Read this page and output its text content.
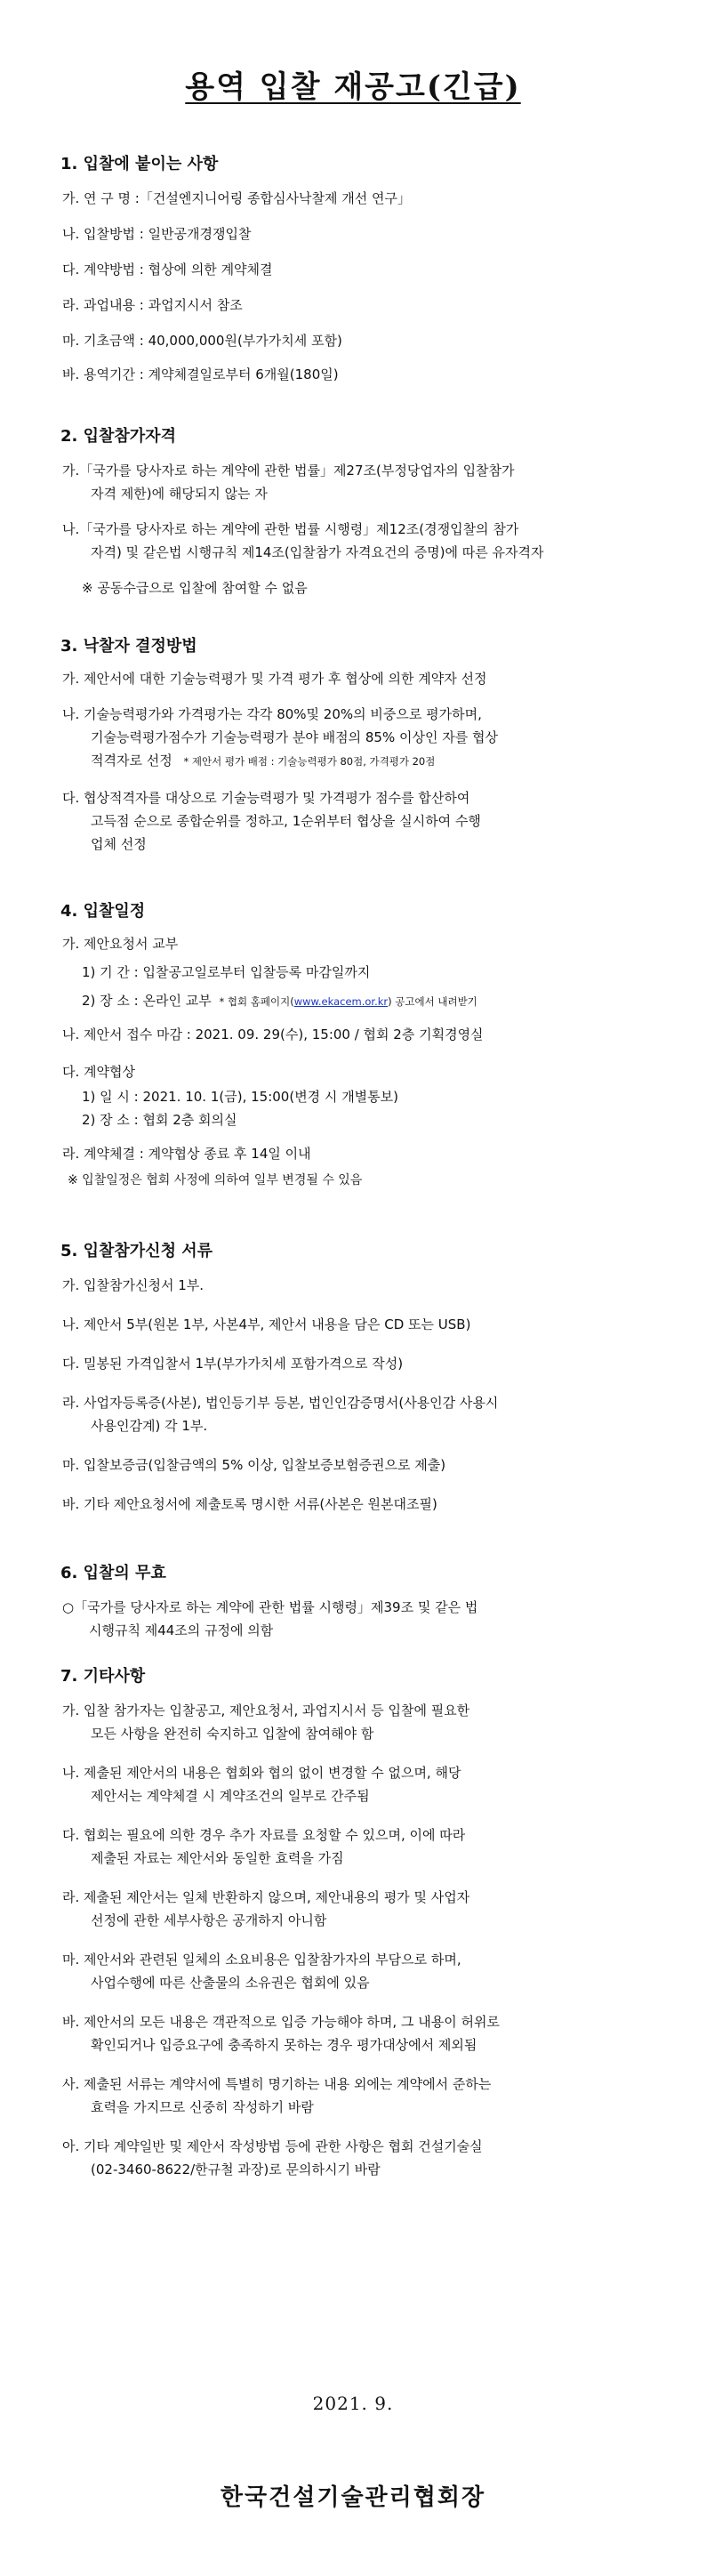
용역 입찰 재공고(긴급)
1. 입찰에 붙이는 사항
가. 연 구 명 :「건설엔지니어링 종합심사낙찰제 개선 연구」
나. 입찰방법 : 일반공개경쟁입찰
다. 계약방법 : 협상에 의한 계약체결
라. 과업내용 : 과업지시서 참조
마. 기초금액 : 40,000,000원(부가가치세 포함)
바. 용역기간 : 계약체결일로부터 6개월(180일)
2. 입찰참가자격
가.「국가를 당사자로 하는 계약에 관한 법률」제27조(부정당업자의 입찰참가
자격 제한)에 해당되지 않는 자
나.「국가를 당사자로 하는 계약에 관한 법률 시행령」제12조(경쟁입찰의 참가
자격) 및 같은법 시행규칙 제14조(입찰참가 자격요건의 증명)에 따른 유자격자
※ 공동수급으로 입찰에 참여할 수 없음
3. 낙찰자 결정방법
가. 제안서에 대한 기술능력평가 및 가격 평가 후 협상에 의한 계약자 선정
나. 기술능력평가와 가격평가는 각각 80%및 20%의 비중으로 평가하며,
기술능력평가점수가 기술능력평가 분야 배점의 85% 이상인 자를 협상
적격자로 선정 * 제안서 평가 배점 : 기술능력평가 80점, 가격평가 20점
다. 협상적격자를 대상으로 기술능력평가 및 가격평가 점수를 합산하여
고득점 순으로 종합순위를 정하고, 1순위부터 협상을 실시하여 수행
업체 선정
4. 입찰일정
가. 제안요청서 교부
1) 기 간 : 입찰공고일로부터 입찰등록 마감일까지
2) 장 소 : 온라인 교부 * 협회 홈페이지(www.ekacem.or.kr) 공고에서 내려받기
나. 제안서 접수 마감 : 2021. 09. 29(수), 15:00 / 협회 2층 기획경영실
다. 계약협상
1) 일 시 : 2021. 10. 1(금), 15:00(변경 시 개별통보)
2) 장 소 : 협회 2층 회의실
라. 계약체결 : 계약협상 종료 후 14일 이내
※ 입찰일정은 협회 사정에 의하여 일부 변경될 수 있음
5. 입찰참가신청 서류
가. 입찰참가신청서 1부.
나. 제안서 5부(원본 1부, 사본4부, 제안서 내용을 담은 CD 또는 USB)
다. 밀봉된 가격입찰서 1부(부가가치세 포함가격으로 작성)
라. 사업자등록증(사본), 법인등기부 등본, 법인인감증명서(사용인감 사용시
사용인감계) 각 1부.
마. 입찰보증금(입찰금액의 5% 이상, 입찰보증보험증권으로 제출)
바. 기타 제안요청서에 제출토록 명시한 서류(사본은 원본대조필)
6. 입찰의 무효
○「국가를 당사자로 하는 계약에 관한 법률 시행령」제39조 및 같은 법
시행규칙 제44조의 규정에 의함
7. 기타사항
가. 입찰 참가자는 입찰공고, 제안요청서, 과업지시서 등 입찰에 필요한
모든 사항을 완전히 숙지하고 입찰에 참여해야 함
나. 제출된 제안서의 내용은 협회와 협의 없이 변경할 수 없으며, 해당
제안서는 계약체결 시 계약조건의 일부로 간주됨
다. 협회는 필요에 의한 경우 추가 자료를 요청할 수 있으며, 이에 따라
제출된 자료는 제안서와 동일한 효력을 가짐
라. 제출된 제안서는 일체 반환하지 않으며, 제안내용의 평가 및 사업자
선정에 관한 세부사항은 공개하지 아니함
마. 제안서와 관련된 일체의 소요비용은 입찰참가자의 부담으로 하며,
사업수행에 따른 산출물의 소유권은 협회에 있음
바. 제안서의 모든 내용은 객관적으로 입증 가능해야 하며, 그 내용이 허위로
확인되거나 입증요구에 충족하지 못하는 경우 평가대상에서 제외됨
사. 제출된 서류는 계약서에 특별히 명기하는 내용 외에는 계약에서 준하는
효력을 가지므로 신중히 작성하기 바람
아. 기타 계약일반 및 제안서 작성방법 등에 관한 사항은 협회 건설기술실
(02-3460-8622/한규철 과장)로 문의하시기 바람
2021. 9.
한국건설기술관리협회장
